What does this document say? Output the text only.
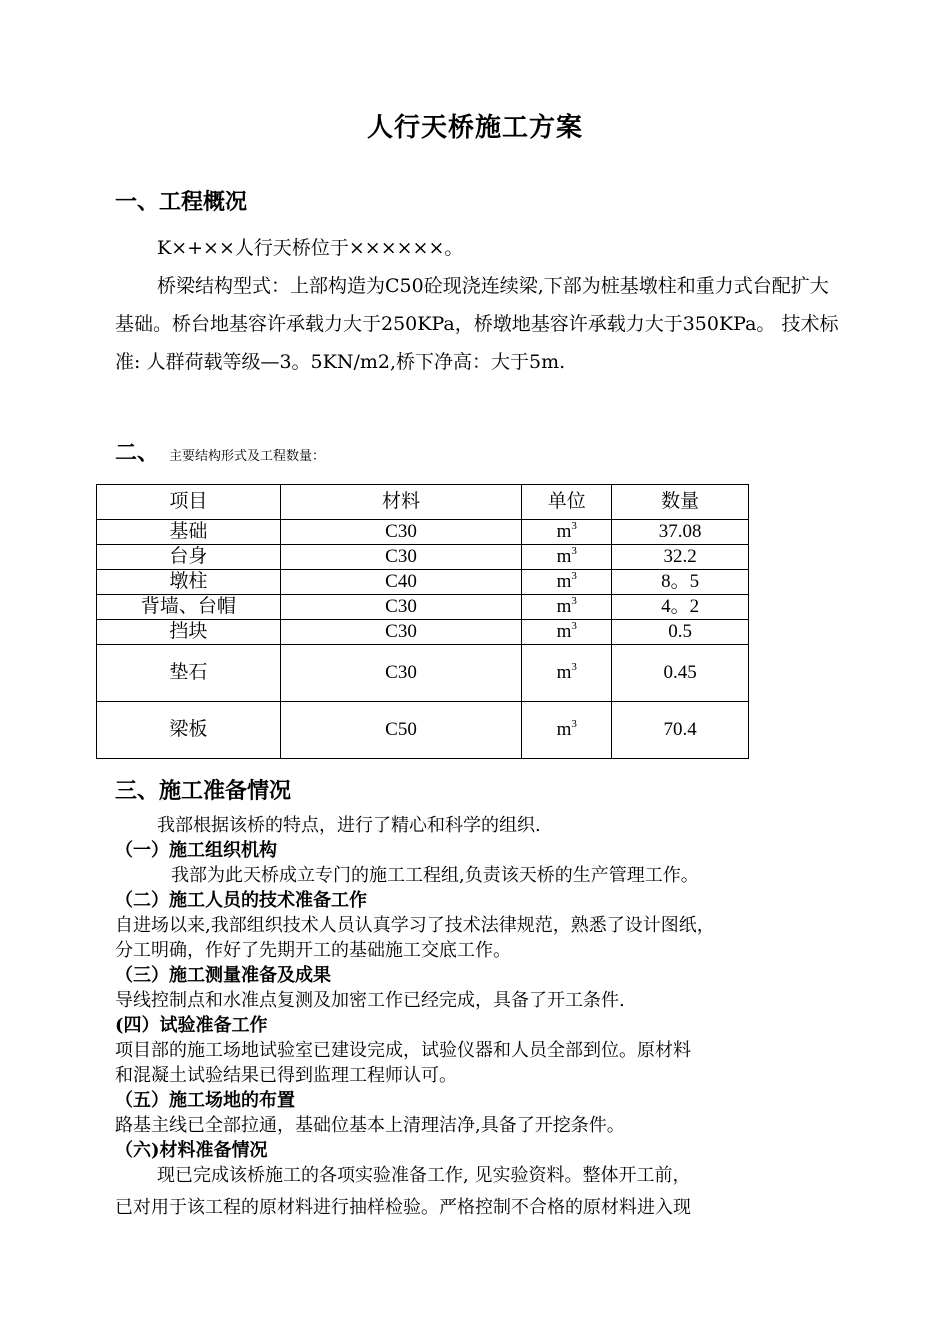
人行天桥施工方案
一、工程概况
K×+××人行天桥位于××××××。
桥梁结构型式：上部构造为C50砼现浇连续梁,下部为桩基墩柱和重力式台配扩大基础。桥台地基容许承载力大于250KPa，桥墩地基容许承载力大于350KPa。 技术标准: 人群荷载等级—3。5KN/m2,桥下净高：大于5m.
二、 主要结构形式及工程数量：
项目	材料	单位	数量
基础	C30	$m^3$	37.08
台身	C30	$m^3$	32.2
墩柱	C40	$m^3$	8。5
背墙、台帽	C30	$m^3$	4。2
挡块	C30	$m^3$	0.5
垫石	C30	$m^3$	0.45
梁板	C50	$m^3$	70.4
三、施工准备情况
我部根据该桥的特点，进行了精心和科学的组织.
（一）施工组织机构
我部为此天桥成立专门的施工工程组,负责该天桥的生产管理工作。
（二）施工人员的技术准备工作
自进场以来,我部组织技术人员认真学习了技术法律规范，熟悉了设计图纸，
分工明确，作好了先期开工的基础施工交底工作。
（三）施工测量准备及成果
导线控制点和水准点复测及加密工作已经完成，具备了开工条件.
(四）试验准备工作
项目部的施工场地试验室已建设完成，试验仪器和人员全部到位。原材料
和混凝土试验结果已得到监理工程师认可。
（五）施工场地的布置
路基主线已全部拉通，基础位基本上清理洁净,具备了开挖条件。
（六)材料准备情况
现已完成该桥施工的各项实验准备工作, 见实验资料。整体开工前，
已对用于该工程的原材料进行抽样检验。严格控制不合格的原材料进入现
